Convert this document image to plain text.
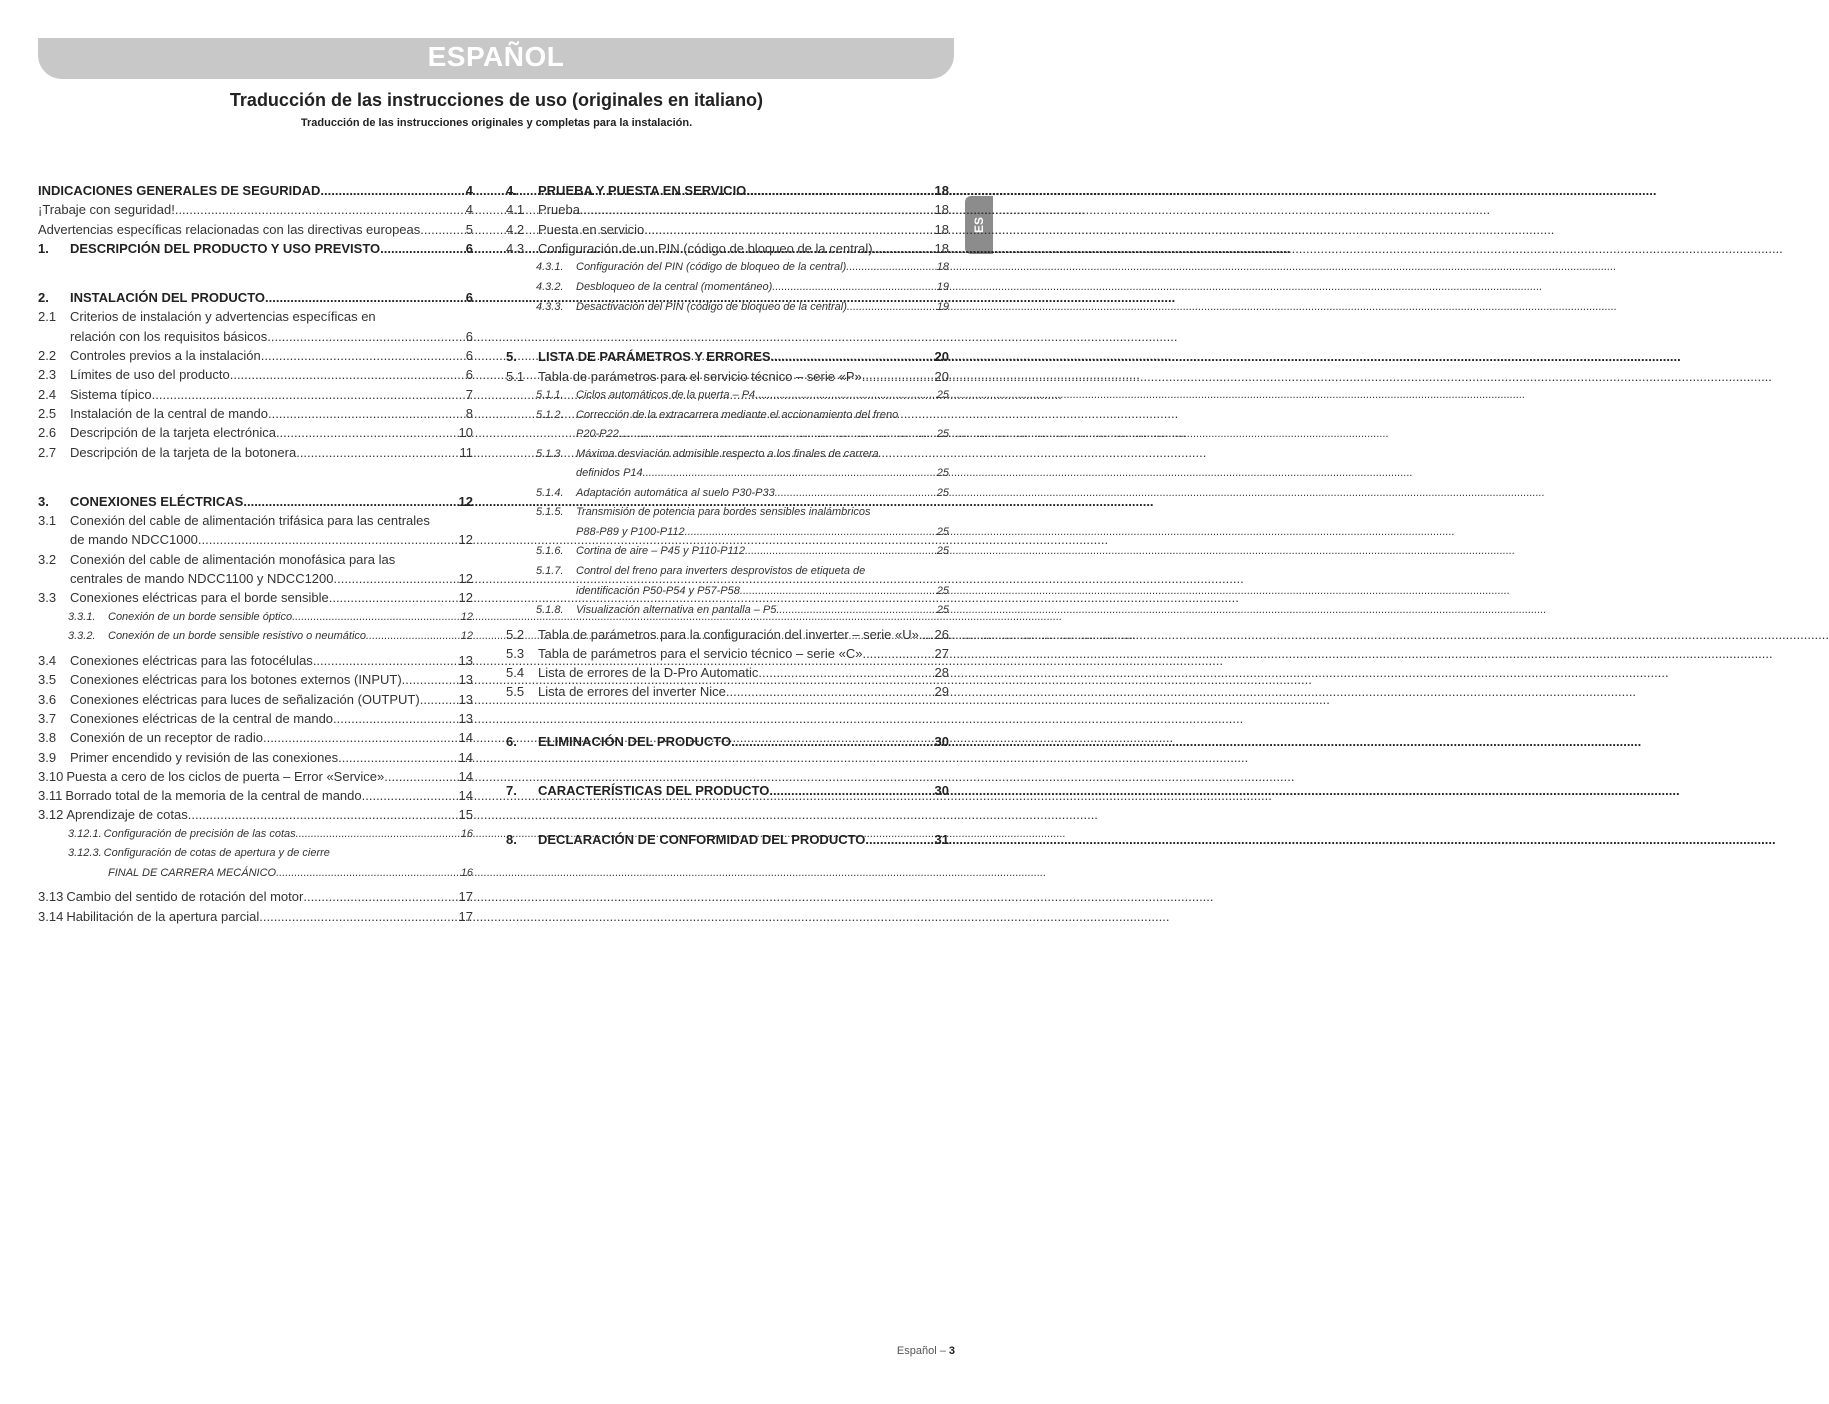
ESPAÑOL
Traducción de las instrucciones de uso (originales en italiano)
Traducción de las instrucciones originales y completas para la instalación.
ES
INDICACIONES GENERALES DE SEGURIDAD .....	4
¡Trabaje con seguridad! .....	4
Advertencias específicas relacionadas con las directivas europeas .....	5
1.	DESCRIPCIÓN DEL PRODUCTO Y USO PREVISTO .....	6
2.	INSTALACIÓN DEL PRODUCTO .....	6
2.1	Criterios de instalación y advertencias específicas en
relación con los requisitos básicos .....	6
2.2	Controles previos a la instalación .....	6
2.3	Límites de uso del producto .....	6
2.4	Sistema típico .....	7
2.5	Instalación de la central de mando .....	8
2.6	Descripción de la tarjeta electrónica .....	10
2.7	Descripción de la tarjeta de la botonera .....	11
3.	CONEXIONES ELÉCTRICAS .....	12
3.1	Conexión del cable de alimentación trifásica para las centrales
de mando NDCC1000 .....	12
3.2	Conexión del cable de alimentación monofásica para las
centrales de mando NDCC1100 y NDCC1200 .....	12
3.3	Conexiones eléctricas para el borde sensible .....	12
3.3.1.	Conexión de un borde sensible óptico .....	12
3.3.2.	Conexión de un borde sensible resistivo o neumático .....	12
3.4	Conexiones eléctricas para las fotocélulas .....	13
3.5	Conexiones eléctricas para los botones externos (INPUT) .....	13
3.6	Conexiones eléctricas para luces de señalización (OUTPUT) .....	13
3.7	Conexiones eléctricas de la central de mando .....	13
3.8	Conexión de un receptor de radio .....	14
3.9	Primer encendido y revisión de las conexiones .....	14
3.10 Puesta a cero de los ciclos de puerta – Error «Service» .....	14
3.11 Borrado total de la memoria de la central de mando .....	14
3.12 Aprendizaje de cotas .....	15
3.12.1. Configuración de precisión de las cotas .....	16
3.12.3. Configuración de cotas de apertura y de cierre
FINAL DE CARRERA MECÁNICO .....	16
3.13 Cambio del sentido de rotación del motor .....	17
3.14 Habilitación de la apertura parcial .....	17
4.	PRUEBA Y PUESTA EN SERVICIO .....	18
4.1	Prueba .....	18
4.2	Puesta en servicio .....	18
4.3	Configuración de un PIN (código de bloqueo de la central) .....	18
4.3.1.	Configuración del PIN (código de bloqueo de la central) .....	18
4.3.2.	Desbloqueo de la central (momentáneo) .....	19
4.3.3.	Desactivación del PIN (código de bloqueo de la central) .....	19
5.	LISTA DE PARÁMETROS Y ERRORES .....	20
5.1	Tabla de parámetros para el servicio técnico – serie «P» .....	20
5.1.1.	Ciclos automáticos de la puerta – P4 .....	25
5.1.2.	Corrección de la extracarrera mediante el accionamiento del freno
P20-P22 .....	25
5.1.3.	Máxima desviación admisible respecto a los finales de carrera
definidos P14 .....	25
5.1.4.	Adaptación automática al suelo P30-P33 .....	25
5.1.5.	Transmisión de potencia para bordes sensibles inalámbricos
P88-P89 y P100-P112 .....	25
5.1.6.	Cortina de aire – P45 y P110-P112 .....	25
5.1.7.	Control del freno para inverters desprovistos de etiqueta de
identificación P50-P54 y P57-P58 .....	25
5.1.8.	Visualización alternativa en pantalla – P5 .....	25
5.2	Tabla de parámetros para la configuración del inverter – serie «U» ..... 26
5.3	Tabla de parámetros para el servicio técnico – serie «C» .....	27
5.4	Lista de errores de la D-Pro Automatic .....	28
5.5	Lista de errores del inverter Nice .....	29
6.	ELIMINACIÓN DEL PRODUCTO .....	30
7.	CARACTERÍSTICAS DEL PRODUCTO .....	30
8.	DECLARACIÓN DE CONFORMIDAD DEL PRODUCTO .....	31
Español – 3
